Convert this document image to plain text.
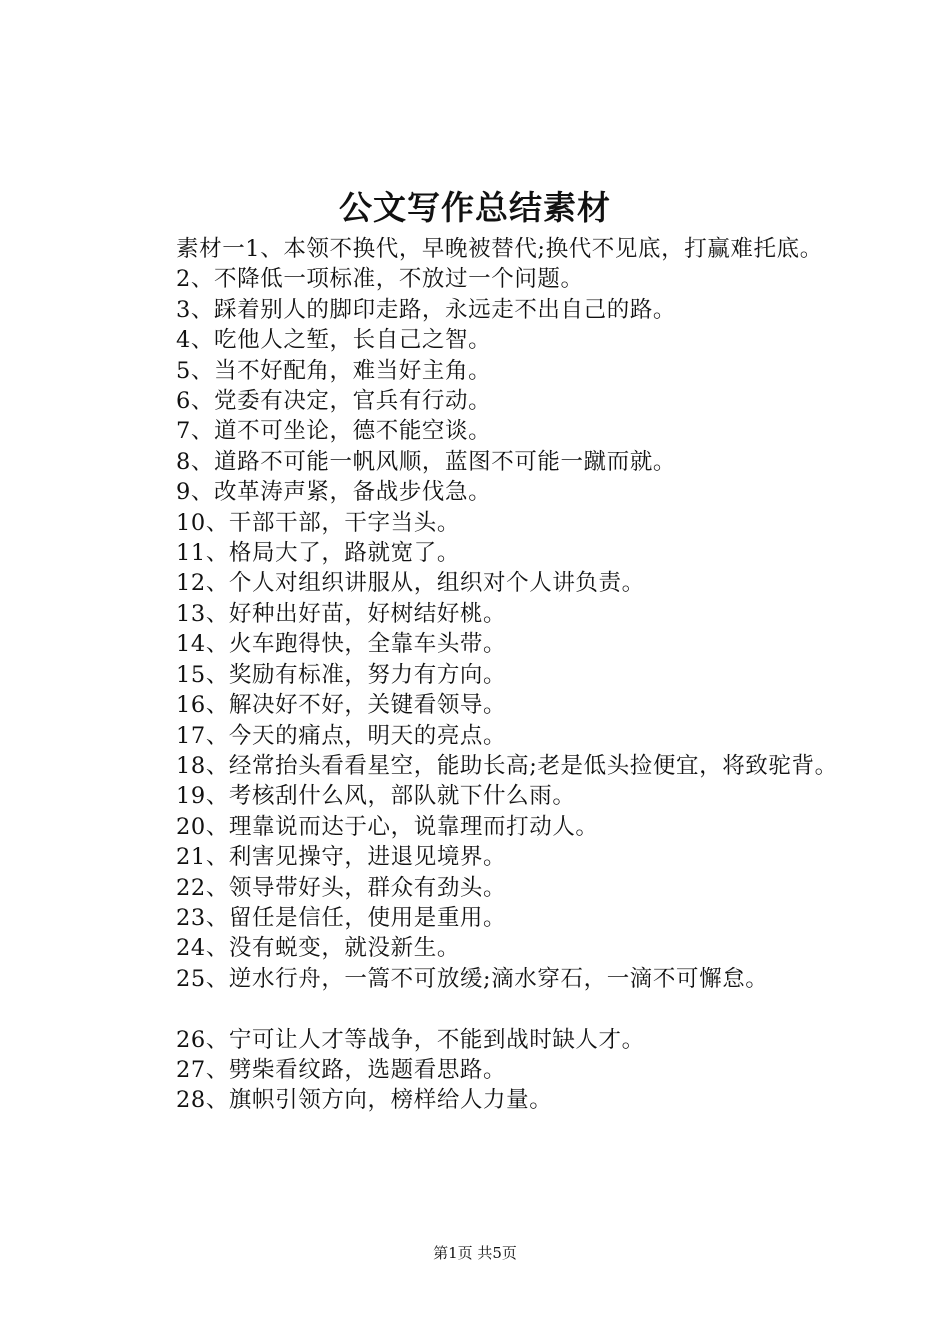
公文写作总结素材

素材一1、本领不换代，早晚被替代;换代不见底，打赢难托底。

2、不降低一项标准，不放过一个问题。

3、踩着别人的脚印走路，永远走不出自己的路。

4、吃他人之堑，长自己之智。

5、当不好配角，难当好主角。

6、党委有决定，官兵有行动。

7、道不可坐论，德不能空谈。

8、道路不可能一帆风顺，蓝图不可能一蹴而就。

9、改革涛声紧，备战步伐急。

10、干部干部，干字当头。

11、格局大了，路就宽了。

12、个人对组织讲服从，组织对个人讲负责。

13、好种出好苗，好树结好桃。

14、火车跑得快，全靠车头带。

15、奖励有标准，努力有方向。

16、解决好不好，关键看领导。

17、今天的痛点，明天的亮点。

18、经常抬头看看星空，能助长高;老是低头捡便宜，将致驼背。

19、考核刮什么风，部队就下什么雨。

20、理靠说而达于心，说靠理而打动人。

21、利害见操守，进退见境界。

22、领导带好头，群众有劲头。

23、留任是信任，使用是重用。

24、没有蜕变，就没新生。

25、逆水行舟，一篙不可放缓;滴水穿石，一滴不可懈怠。

26、宁可让人才等战争，不能到战时缺人才。

27、劈柴看纹路，选题看思路。

28、旗帜引领方向，榜样给人力量。

第1页 共5页
